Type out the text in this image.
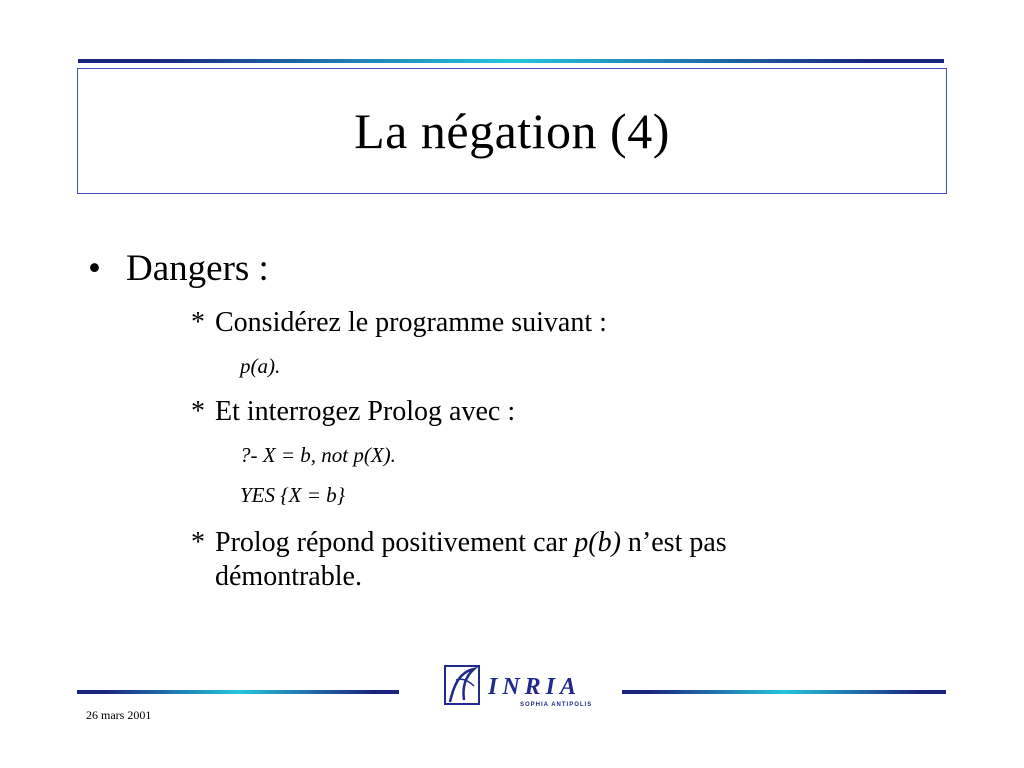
La négation (4)
• Dangers :
* Considérez le programme suivant :
p(a).
* Et interrogez Prolog avec :
?- X = b, not p(X).
YES {X = b}
* Prolog répond positivement car p(b) n’est pas
démontrable.
INRIA
SOPHIA ANTIPOLIS
26 mars 2001
